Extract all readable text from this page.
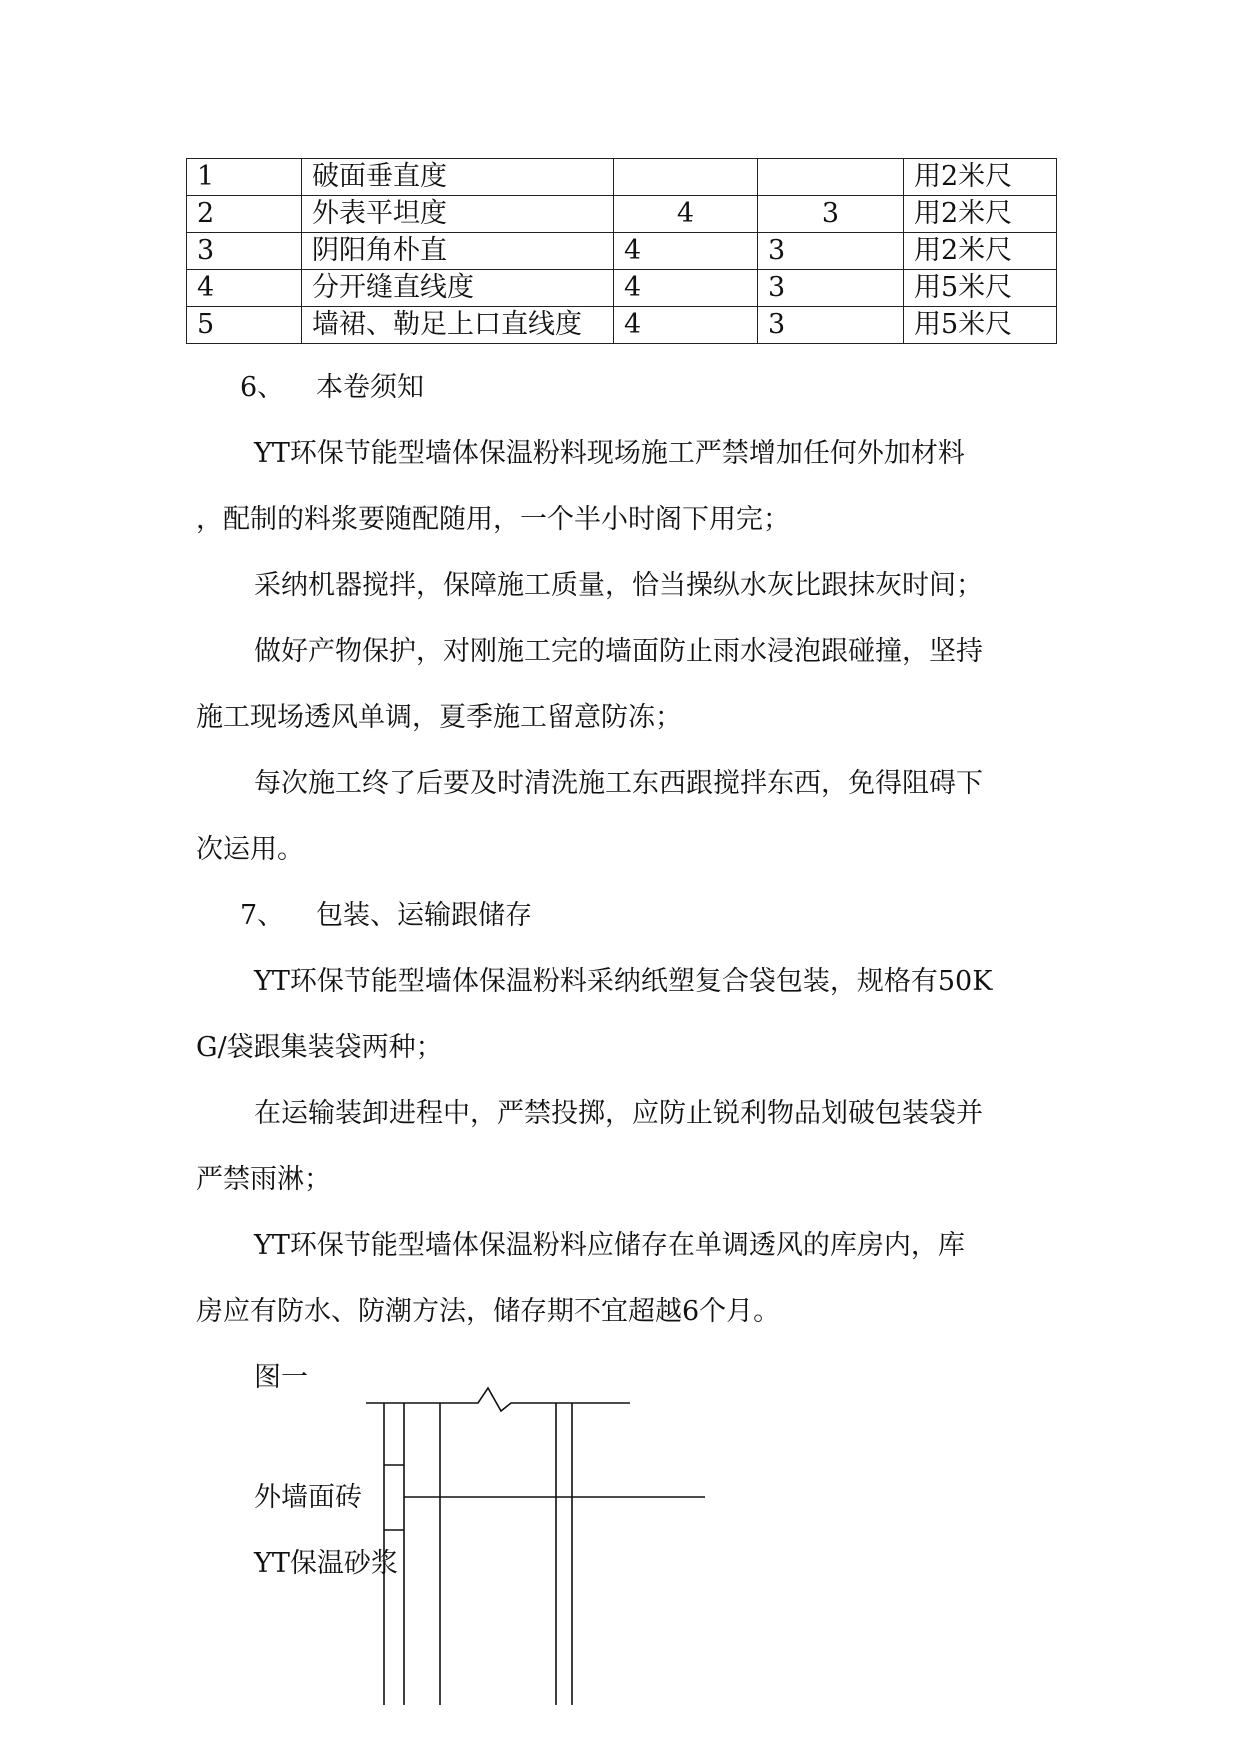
1	破面垂直度			用2米尺
2	外表平坦度	4	3	用2米尺
3	阴阳角朴直	4	3	用2米尺
4	分开缝直线度	4	3	用5米尺
5	墙裙、勒足上口直线度	4	3	用5米尺
6、 本卷须知
YT环保节能型墙体保温粉料现场施工严禁增加任何外加材料
，配制的料浆要随配随用，一个半小时阁下用完；
采纳机器搅拌，保障施工质量，恰当操纵水灰比跟抹灰时间；
做好产物保护，对刚施工完的墙面防止雨水浸泡跟碰撞，坚持
施工现场透风单调，夏季施工留意防冻；
每次施工终了后要及时清洗施工东西跟搅拌东西，免得阻碍下
次运用。
7、 包装、运输跟储存
YT环保节能型墙体保温粉料采纳纸塑复合袋包装，规格有50K
G/袋跟集装袋两种；
在运输装卸进程中，严禁投掷，应防止锐利物品划破包装袋并
严禁雨淋；
YT环保节能型墙体保温粉料应储存在单调透风的库房内，库
房应有防水、防潮方法，储存期不宜超越6个月。
图一
外墙面砖
YT保温砂浆
